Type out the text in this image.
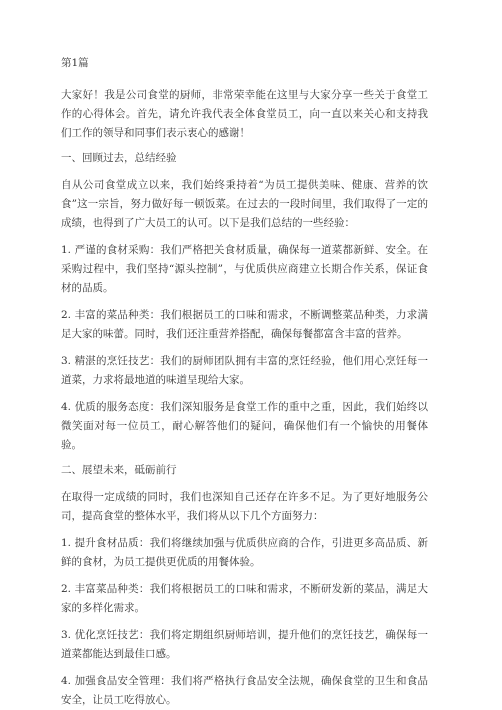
第1篇

大家好！我是公司食堂的厨师，非常荣幸能在这里与大家分享一些关于食堂工作的心得体会。首先，请允许我代表全体食堂员工，向一直以来关心和支持我们工作的领导和同事们表示衷心的感谢！

一、回顾过去，总结经验

自从公司食堂成立以来，我们始终秉持着“为员工提供美味、健康、营养的饮食”这一宗旨，努力做好每一顿饭菜。在过去的一段时间里，我们取得了一定的成绩，也得到了广大员工的认可。以下是我们总结的一些经验：

1. 严谨的食材采购：我们严格把关食材质量，确保每一道菜都新鲜、安全。在采购过程中，我们坚持“源头控制”，与优质供应商建立长期合作关系，保证食材的品质。

2. 丰富的菜品种类：我们根据员工的口味和需求，不断调整菜品种类，力求满足大家的味蕾。同时，我们还注重营养搭配，确保每餐都富含丰富的营养。

3. 精湛的烹饪技艺：我们的厨师团队拥有丰富的烹饪经验，他们用心烹饪每一道菜，力求将最地道的味道呈现给大家。

4. 优质的服务态度：我们深知服务是食堂工作的重中之重，因此，我们始终以微笑面对每一位员工，耐心解答他们的疑问，确保他们有一个愉快的用餐体验。

二、展望未来，砥砺前行

在取得一定成绩的同时，我们也深知自己还存在许多不足。为了更好地服务公司，提高食堂的整体水平，我们将从以下几个方面努力：

1. 提升食材品质：我们将继续加强与优质供应商的合作，引进更多高品质、新鲜的食材，为员工提供更优质的用餐体验。

2. 丰富菜品种类：我们将根据员工的口味和需求，不断研发新的菜品，满足大家的多样化需求。

3. 优化烹饪技艺：我们将定期组织厨师培训，提升他们的烹饪技艺，确保每一道菜都能达到最佳口感。

4. 加强食品安全管理：我们将严格执行食品安全法规，确保食堂的卫生和食品安全，让员工吃得放心。
